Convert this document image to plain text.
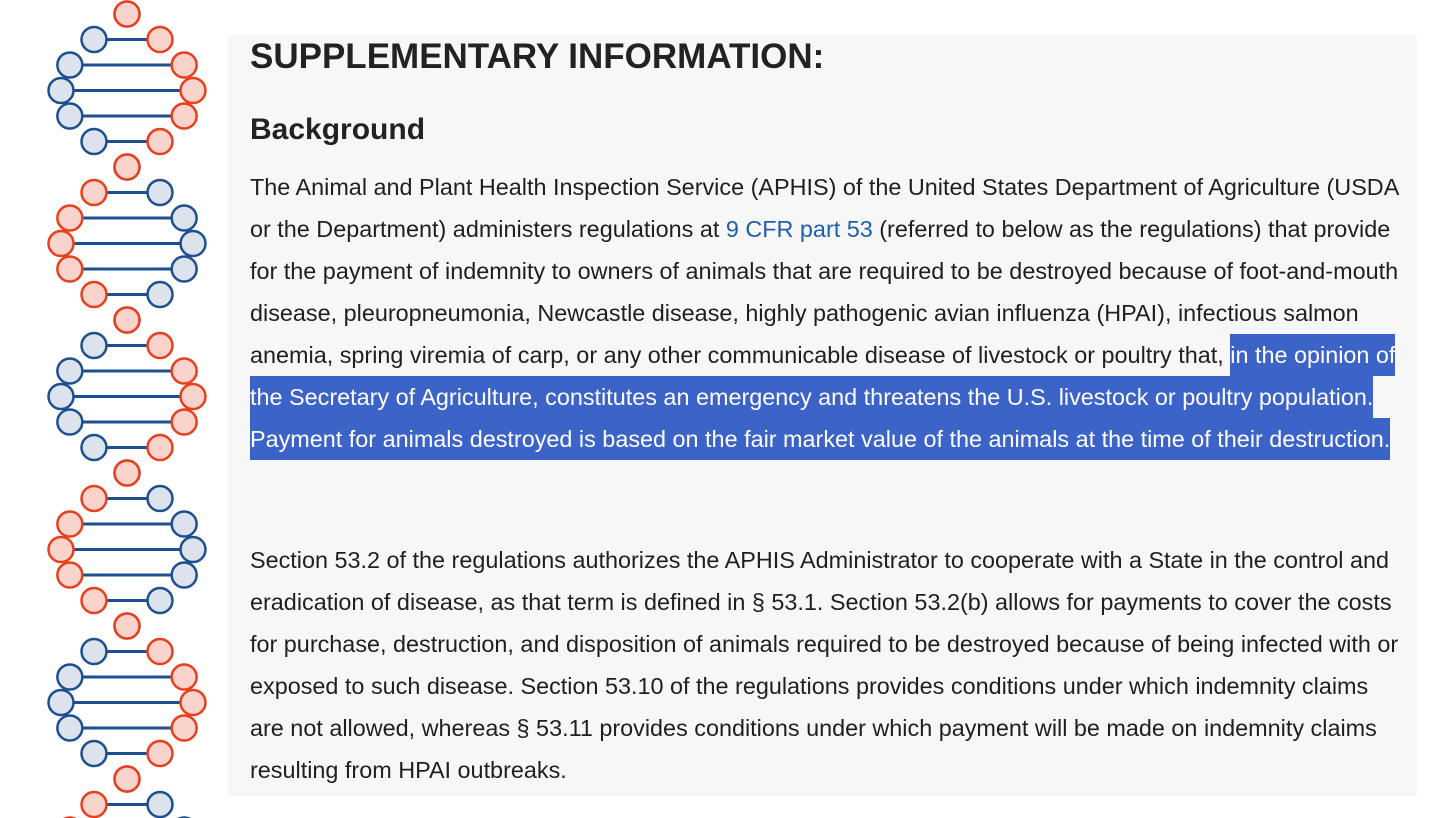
SUPPLEMENTARY INFORMATION:
Background

The Animal and Plant Health Inspection Service (APHIS) of the United States Department of Agriculture (USDA or the Department) administers regulations at 9 CFR part 53 (referred to below as the regulations) that provide for the payment of indemnity to owners of animals that are required to be destroyed because of foot-and-mouth disease, pleuropneumonia, Newcastle disease, highly pathogenic avian influenza (HPAI), infectious salmon anemia, spring viremia of carp, or any other communicable disease of livestock or poultry that, in the opinion of the Secretary of Agriculture, constitutes an emergency and threatens the U.S. livestock or poultry population. Payment for animals destroyed is based on the fair market value of the animals at the time of their destruction.

Section 53.2 of the regulations authorizes the APHIS Administrator to cooperate with a State in the control and eradication of disease, as that term is defined in § 53.1. Section 53.2(b) allows for payments to cover the costs for purchase, destruction, and disposition of animals required to be destroyed because of being infected with or exposed to such disease. Section 53.10 of the regulations provides conditions under which indemnity claims are not allowed, whereas § 53.11 provides conditions under which payment will be made on indemnity claims resulting from HPAI outbreaks.
